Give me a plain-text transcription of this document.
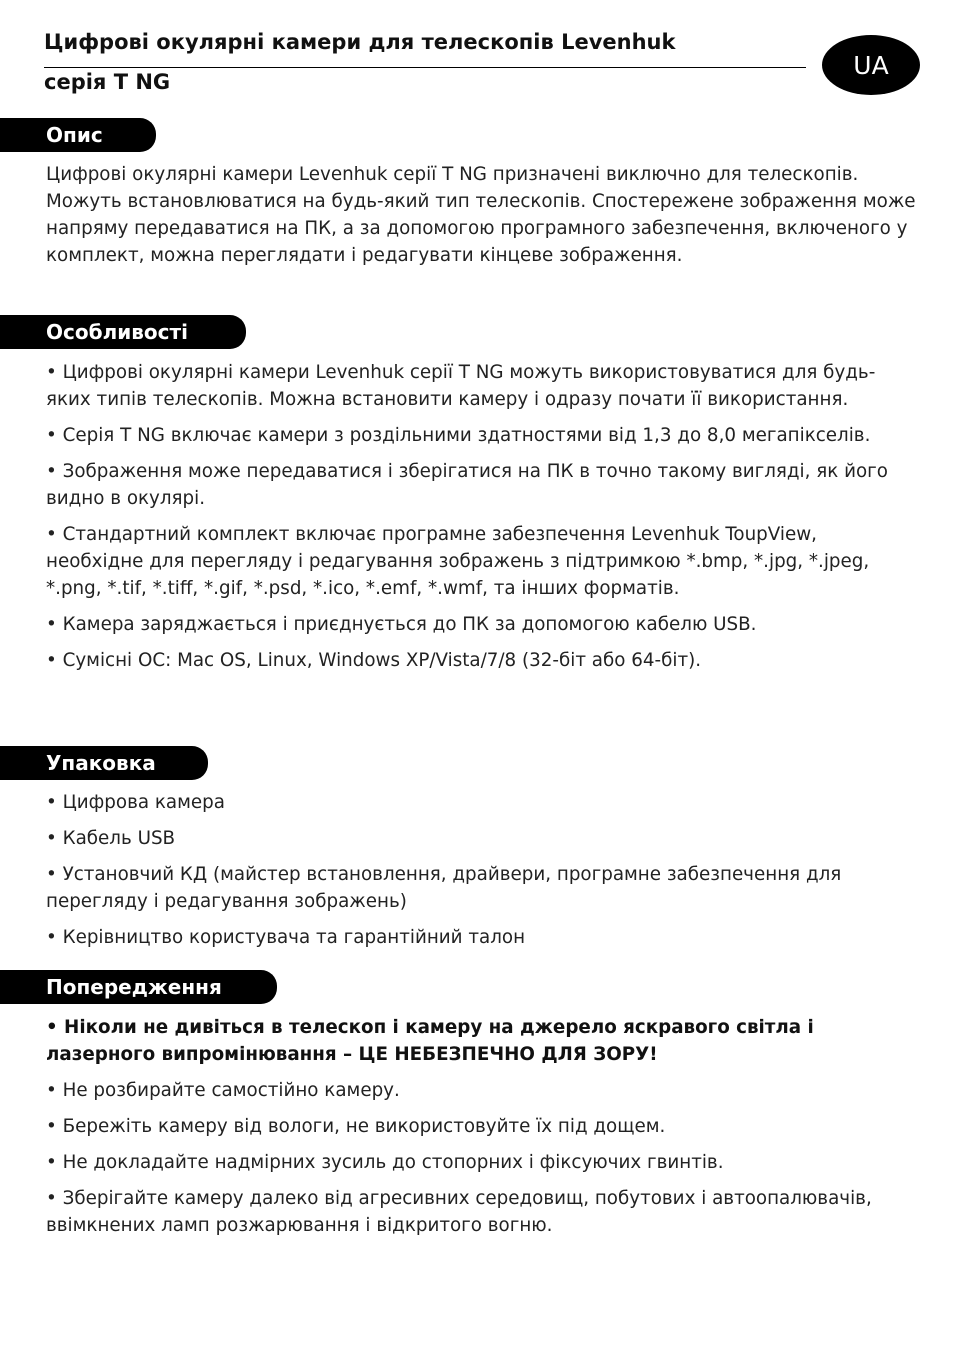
Цифрові окулярні камери для телескопів Levenhuk
серія T NG
UA
Опис
Цифрові окулярні камери Levenhuk серії T NG призначені виключно для телескопів. Можуть встановлюватися на будь-який тип телескопів. Спостережене зображення може напряму передаватися на ПК, а за допомогою програмного забезпечення, включеного у комплект, можна переглядати і редагувати кінцеве зображення.
Особливості
• Цифрові окулярні камери Levenhuk серії T NG можуть використовуватися для будь-яких типів телескопів. Можна встановити камеру і одразу почати її використання.
• Серія T NG включає камери з роздільними здатностями від 1,3 до 8,0 мегапікселів.
• Зображення може передаватися і зберігатися на ПК в точно такому вигляді, як його видно в окулярі.
• Стандартний комплект включає програмне забезпечення Levenhuk ToupView, необхідне для перегляду і редагування зображень з підтримкою *.bmp, *.jpg, *.jpeg, *.png, *.tif, *.tiff, *.gif, *.psd, *.ico, *.emf, *.wmf, та інших форматів.
• Камера заряджається і приєднується до ПК за допомогою кабелю USB.
• Сумісні ОС: Mac OS, Linux, Windows XP/Vista/7/8 (32-біт або 64-біт).
Упаковка
• Цифрова камера
• Кабель USB
• Установчий КД (майстер встановлення, драйвери, програмне забезпечення для перегляду і редагування зображень)
• Керівництво користувача та гарантійний талон
Попередження
• Ніколи не дивіться в телескоп і камеру на джерело яскравого світла і лазерного випромінювання – ЦЕ НЕБЕЗПЕЧНО ДЛЯ ЗОРУ!
• Не розбирайте самостійно камеру.
• Бережіть камеру від вологи, не використовуйте їх під дощем.
• Не докладайте надмірних зусиль до стопорних і фіксуючих гвинтів.
• Зберігайте камеру далеко від агресивних середовищ, побутових і автоопалювачів, ввімкнених ламп розжарювання і відкритого вогню.
